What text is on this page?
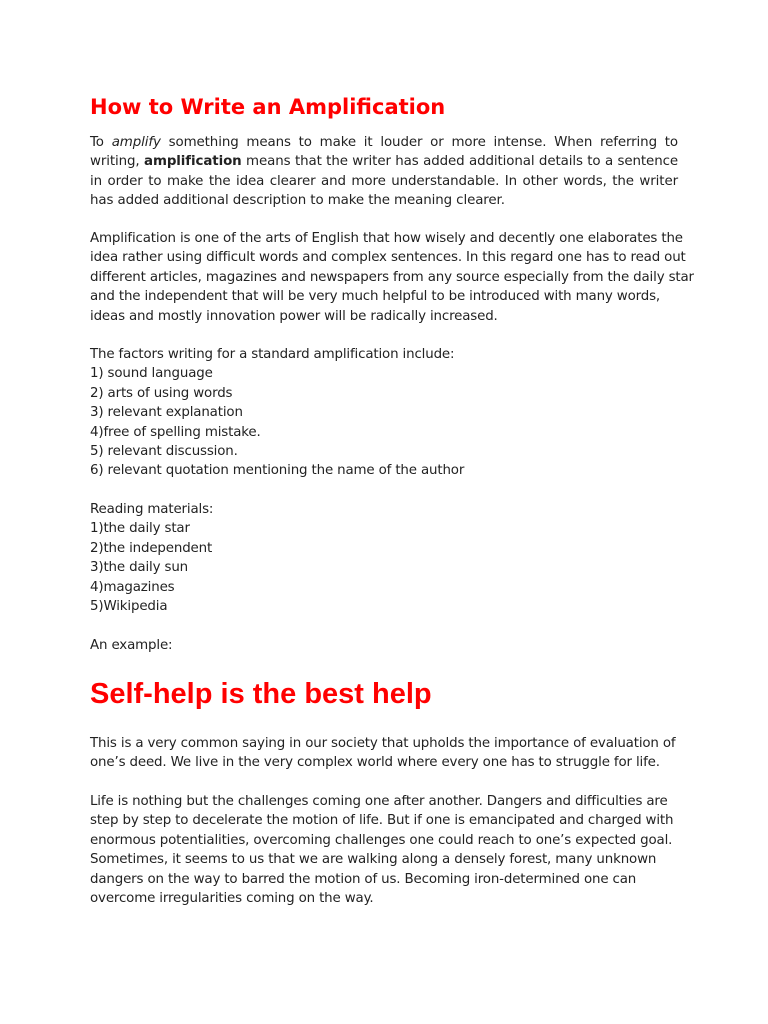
How to Write an Amplification

To amplify something means to make it louder or more intense. When referring to writing, amplification means that the writer has added additional details to a sentence in order to make the idea clearer and more understandable. In other words, the writer has added additional description to make the meaning clearer.

Amplification is one of the arts of English that how wisely and decently one elaborates the
idea rather using difficult words and complex sentences. In this regard one has to read out
different articles, magazines and newspapers from any source especially from the daily star
and the independent that will be very much helpful to be introduced with many words,
ideas and mostly innovation power will be radically increased.
The factors writing for a standard amplification include:
1) sound language
2) arts of using words
3) relevant explanation
4)free of spelling mistake.
5) relevant discussion.
6) relevant quotation mentioning the name of the author
Reading materials:
1)the daily star
2)the independent
3)the daily sun
4)magazines
5)Wikipedia
An example:
Self-help is the best help
This is a very common saying in our society that upholds the importance of evaluation of
one’s deed. We live in the very complex world where every one has to struggle for life.
Life is nothing but the challenges coming one after another. Dangers and difficulties are
step by step to decelerate the motion of life. But if one is emancipated and charged with
enormous potentialities, overcoming challenges one could reach to one’s expected goal.
Sometimes, it seems to us that we are walking along a densely forest, many unknown
dangers on the way to barred the motion of us. Becoming iron-determined one can
overcome irregularities coming on the way.
